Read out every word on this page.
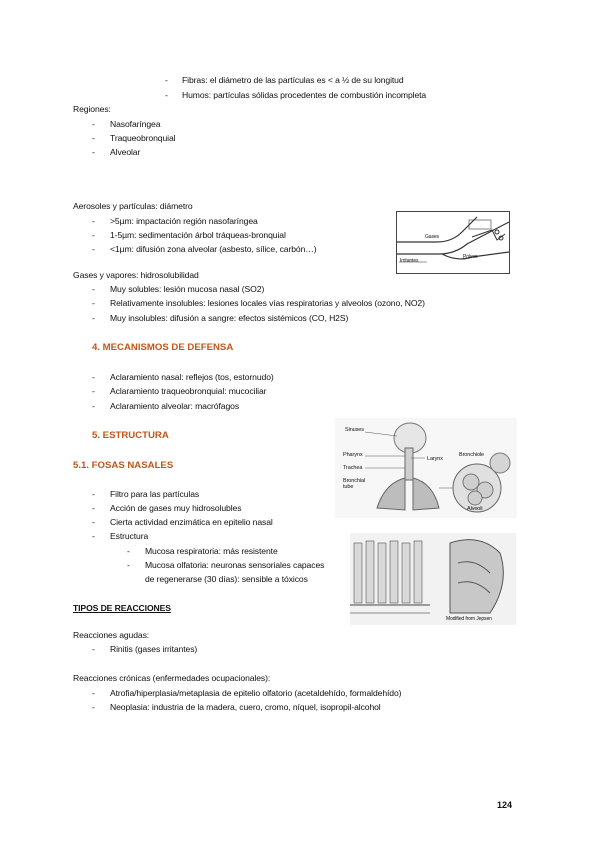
- Fibras: el diámetro de las partículas es < a ½ de su longitud
- Humos: partículas sólidas procedentes de combustión incompleta
Regiones:
- Nasofaríngea
- Traqueobronquial
- Alveolar
Aerosoles y partículas: diámetro
- >5µm: impactación región nasofaríngea
- 1-5µm: sedimentación árbol tráqueas-bronquial
- <1µm: difusión zona alveolar (asbesto, sílice, carbón…)
Irritantes
Gases
Polvos
Gases y vapores: hidrosolubilidad
- Muy solubles: lesión mucosa nasal (SO2)
- Relativamente insolubles: lesiones locales vías respiratorias y alveolos (ozono, NO2)
- Muy insolubles: difusión a sangre: efectos sistémicos (CO, H2S)
4. MECANISMOS DE DEFENSA
- Aclaramiento nasal: reflejos (tos, estornudo)
- Aclaramiento traqueobronquial: mucociliar
- Aclaramiento alveolar: macrófagos
5. ESTRUCTURA	Sinuses
Pharynx
Larynx
Trachea
Bronchial tube
Bronchiole
Alveoli
5.1. FOSAS NASALES
- Filtro para las partículas
- Acción de gases muy hidrosolubles
- Cierta actividad enzimática en epitelio nasal
- Estructura
- Mucosa respiratoria: más resistente
- Mucosa olfatoria: neuronas sensoriales capaces
de regenerarse (30 días): sensible a tóxicos
Modified from Jepsen
TIPOS DE REACCIONES
Reacciones agudas:
- Rinitis (gases irritantes)
Reacciones crónicas (enfermedades ocupacionales):
- Atrofia/hiperplasia/metaplasia de epitelio olfatorio (acetaldehído, formaldehído)
- Neoplasia: industria de la madera, cuero, cromo, níquel, isopropil-alcohol
124
